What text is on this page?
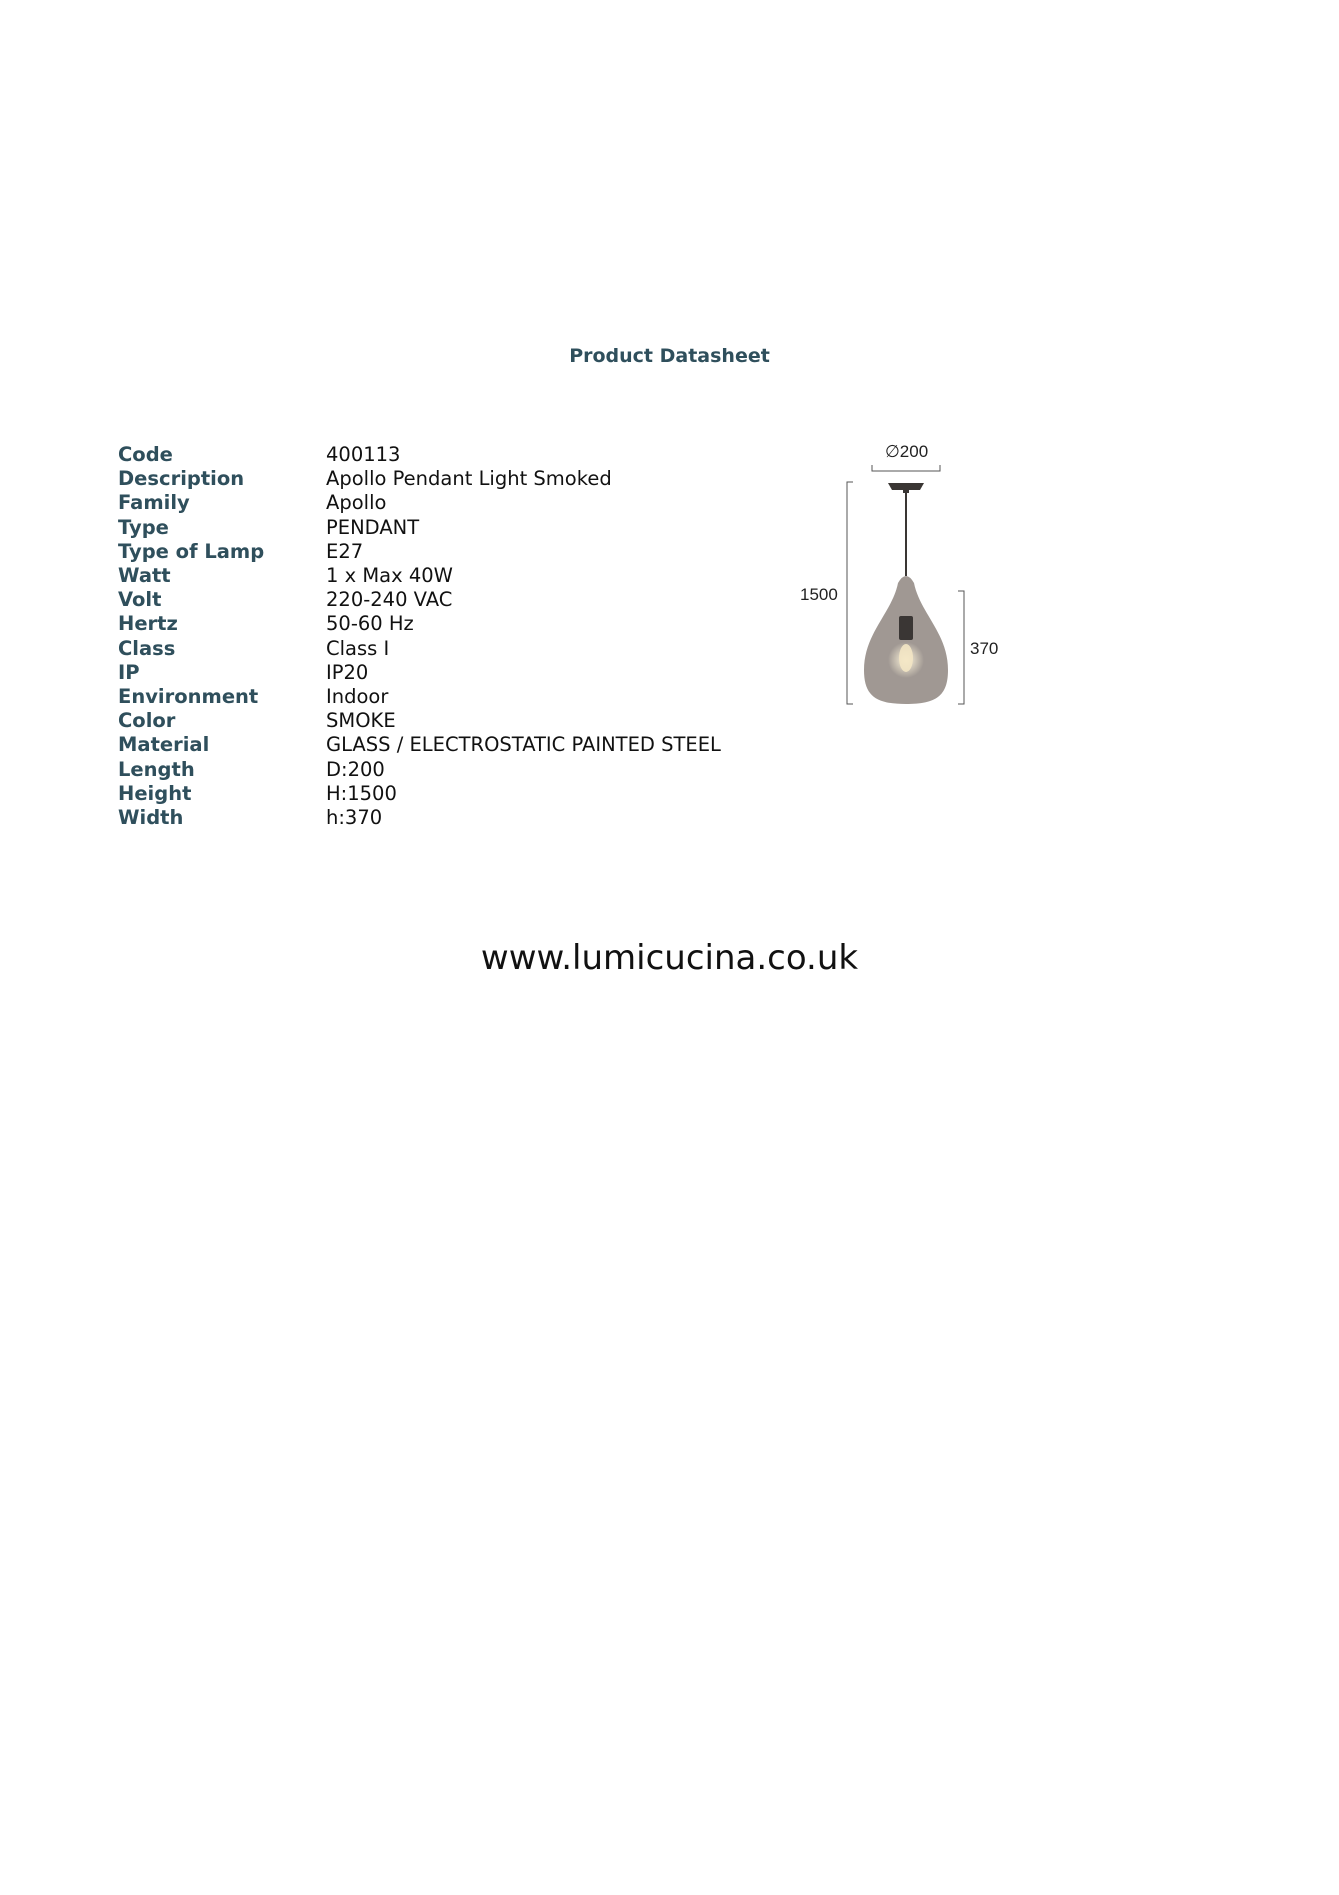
Product Datasheet
Code	400113
Description	Apollo Pendant Light Smoked
Family	Apollo
Type	PENDANT
Type of Lamp	E27
Watt	1 x Max 40W
Volt	220-240 VAC
Hertz	50-60 Hz
Class	Class I
IP	IP20
Environment	Indoor
Color	SMOKE
Material	GLASS / ELECTROSTATIC PAINTED STEEL
Length	D:200
Height	H:1500
Width	h:370
∅200
1500
370
www.lumicucina.co.uk
